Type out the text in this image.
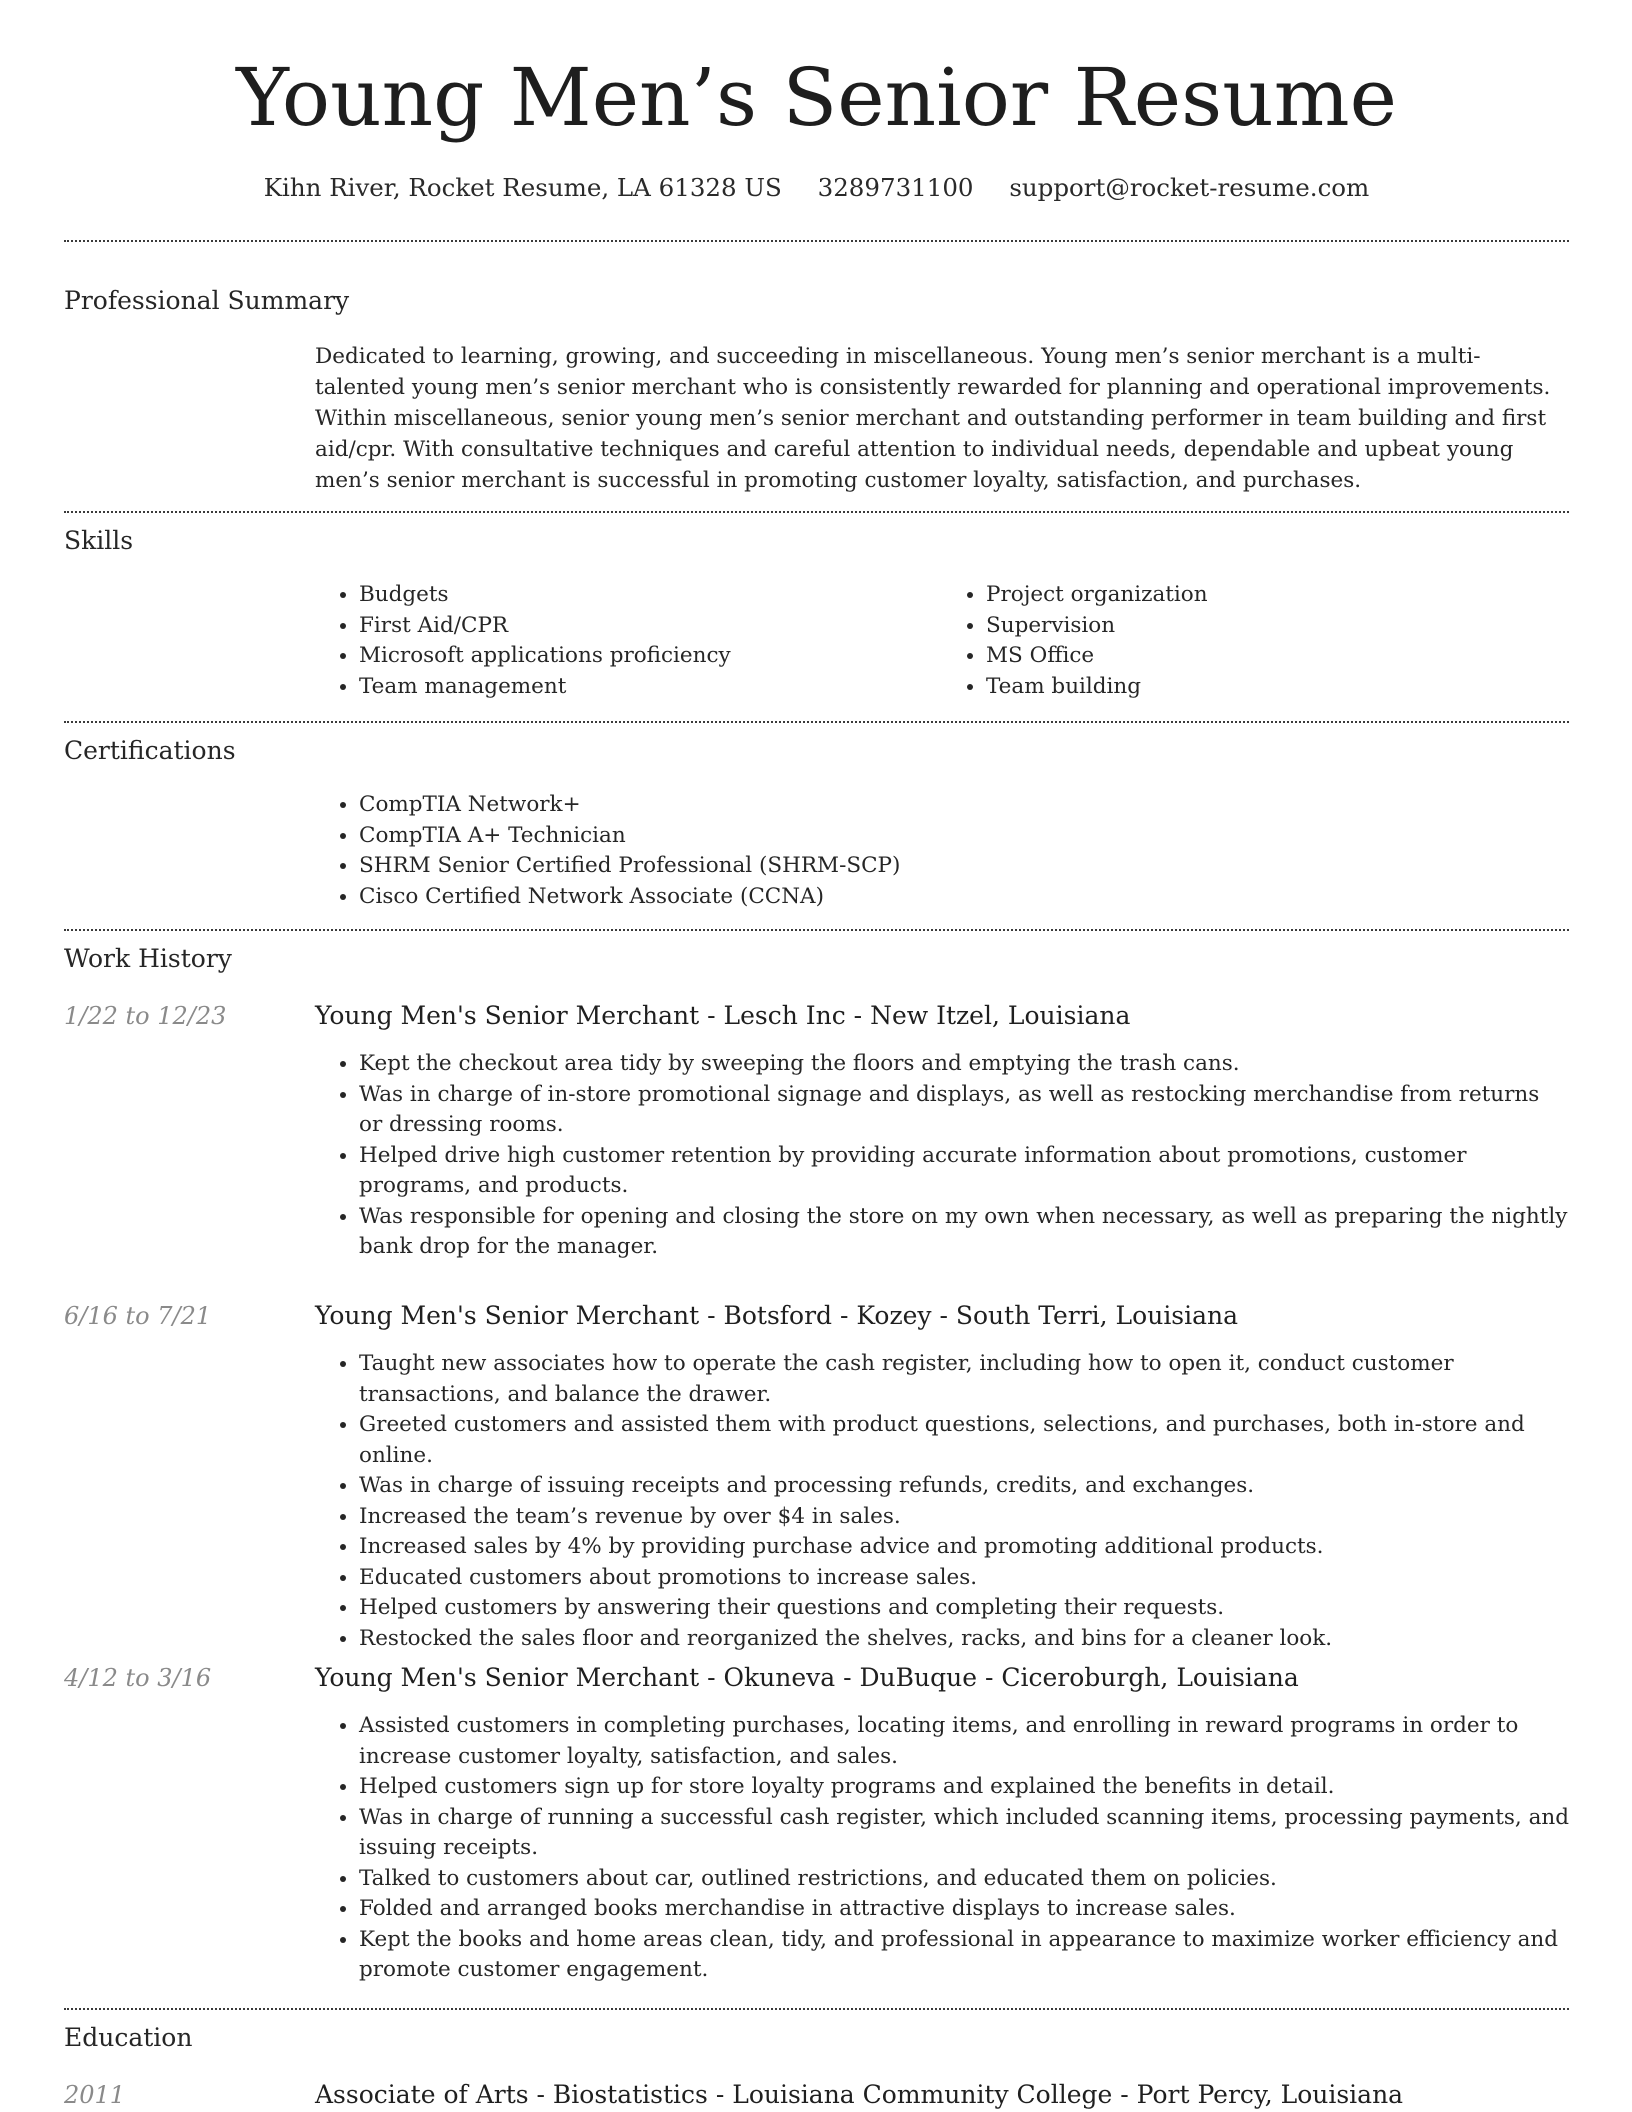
Young Men’s Senior Resume
Kihn River, Rocket Resume, LA 61328 US 3289731100 support@rocket-resume.com
Professional Summary

Dedicated to learning, growing, and succeeding in miscellaneous. Young men’s senior merchant is a multi-talented young men’s senior merchant who is consistently rewarded for planning and operational improvements. Within miscellaneous, senior young men’s senior merchant and outstanding performer in team building and first aid/cpr. With consultative techniques and careful attention to individual needs, dependable and upbeat young men’s senior merchant is successful in promoting customer loyalty, satisfaction, and purchases.

Skills
• Budgets
• First Aid/CPR
• Microsoft applications proficiency
• Team management
• Project organization
• Supervision
• MS Office
• Team building
Certifications
• CompTIA Network+
• CompTIA A+ Technician
• SHRM Senior Certified Professional (SHRM-SCP)
• Cisco Certified Network Associate (CCNA)
Work History
1/22 to 12/23	Young Men's Senior Merchant - Lesch Inc - New Itzel, Louisiana
• Kept the checkout area tidy by sweeping the floors and emptying the trash cans.
• Was in charge of in-store promotional signage and displays, as well as restocking merchandise from returns or dressing rooms.
• Helped drive high customer retention by providing accurate information about promotions, customer programs, and products.
• Was responsible for opening and closing the store on my own when necessary, as well as preparing the nightly bank drop for the manager.
6/16 to 7/21	Young Men's Senior Merchant - Botsford - Kozey - South Terri, Louisiana
• Taught new associates how to operate the cash register, including how to open it, conduct customer transactions, and balance the drawer.
• Greeted customers and assisted them with product questions, selections, and purchases, both in-store and online.
• Was in charge of issuing receipts and processing refunds, credits, and exchanges.
• Increased the team’s revenue by over $4 in sales.
• Increased sales by 4% by providing purchase advice and promoting additional products.
• Educated customers about promotions to increase sales.
• Helped customers by answering their questions and completing their requests.
• Restocked the sales floor and reorganized the shelves, racks, and bins for a cleaner look.
4/12 to 3/16	Young Men's Senior Merchant - Okuneva - DuBuque - Ciceroburgh, Louisiana
• Assisted customers in completing purchases, locating items, and enrolling in reward programs in order to increase customer loyalty, satisfaction, and sales.
• Helped customers sign up for store loyalty programs and explained the benefits in detail.
• Was in charge of running a successful cash register, which included scanning items, processing payments, and issuing receipts.
• Talked to customers about car, outlined restrictions, and educated them on policies.
• Folded and arranged books merchandise in attractive displays to increase sales.
• Kept the books and home areas clean, tidy, and professional in appearance to maximize worker efficiency and promote customer engagement.
Education
2011	Associate of Arts - Biostatistics - Louisiana Community College - Port Percy, Louisiana
